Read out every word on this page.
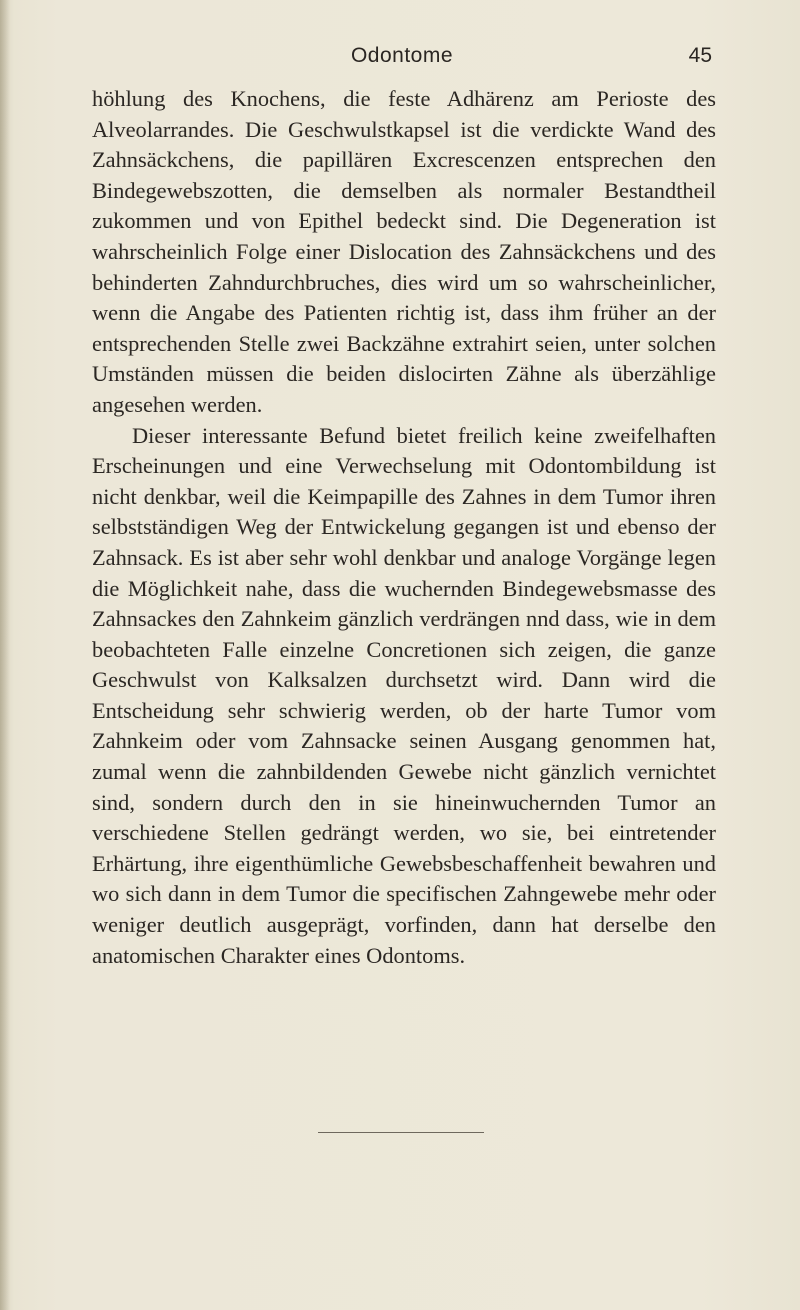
Odontome	45

höhlung des Knochens, die feste Adhärenz am Perioste des Alveolarrandes. Die Geschwulstkapsel ist die verdickte Wand des Zahnsäckchens, die papillären Excrescenzen entsprechen den Bindegewebszotten, die demselben als normaler Bestandtheil zukommen und von Epithel bedeckt sind. Die Degeneration ist wahrscheinlich Folge einer Dislocation des Zahnsäckchens und des behinderten Zahndurchbruches, dies wird um so wahrscheinlicher, wenn die Angabe des Patienten richtig ist, dass ihm früher an der entsprechenden Stelle zwei Backzähne extrahirt seien, unter solchen Umständen müssen die beiden dislocirten Zähne als überzählige angesehen werden.

Dieser interessante Befund bietet freilich keine zweifelhaften Erscheinungen und eine Verwechselung mit Odontombildung ist nicht denkbar, weil die Keimpapille des Zahnes in dem Tumor ihren selbstständigen Weg der Entwickelung gegangen ist und ebenso der Zahnsack. Es ist aber sehr wohl denkbar und analoge Vorgänge legen die Möglichkeit nahe, dass die wuchernden Bindegewebsmasse des Zahnsackes den Zahnkeim gänzlich verdrängen nnd dass, wie in dem beobachteten Falle einzelne Concretionen sich zeigen, die ganze Geschwulst von Kalksalzen durchsetzt wird. Dann wird die Entscheidung sehr schwierig werden, ob der harte Tumor vom Zahnkeim oder vom Zahnsacke seinen Ausgang genommen hat, zumal wenn die zahnbildenden Gewebe nicht gänzlich vernichtet sind, sondern durch den in sie hineinwuchernden Tumor an verschiedene Stellen gedrängt werden, wo sie, bei eintretender Erhärtung, ihre eigenthümliche Gewebsbeschaffenheit bewahren und wo sich dann in dem Tumor die specifischen Zahngewebe mehr oder weniger deutlich ausgeprägt, vorfinden, dann hat derselbe den anatomischen Charakter eines Odontoms.
